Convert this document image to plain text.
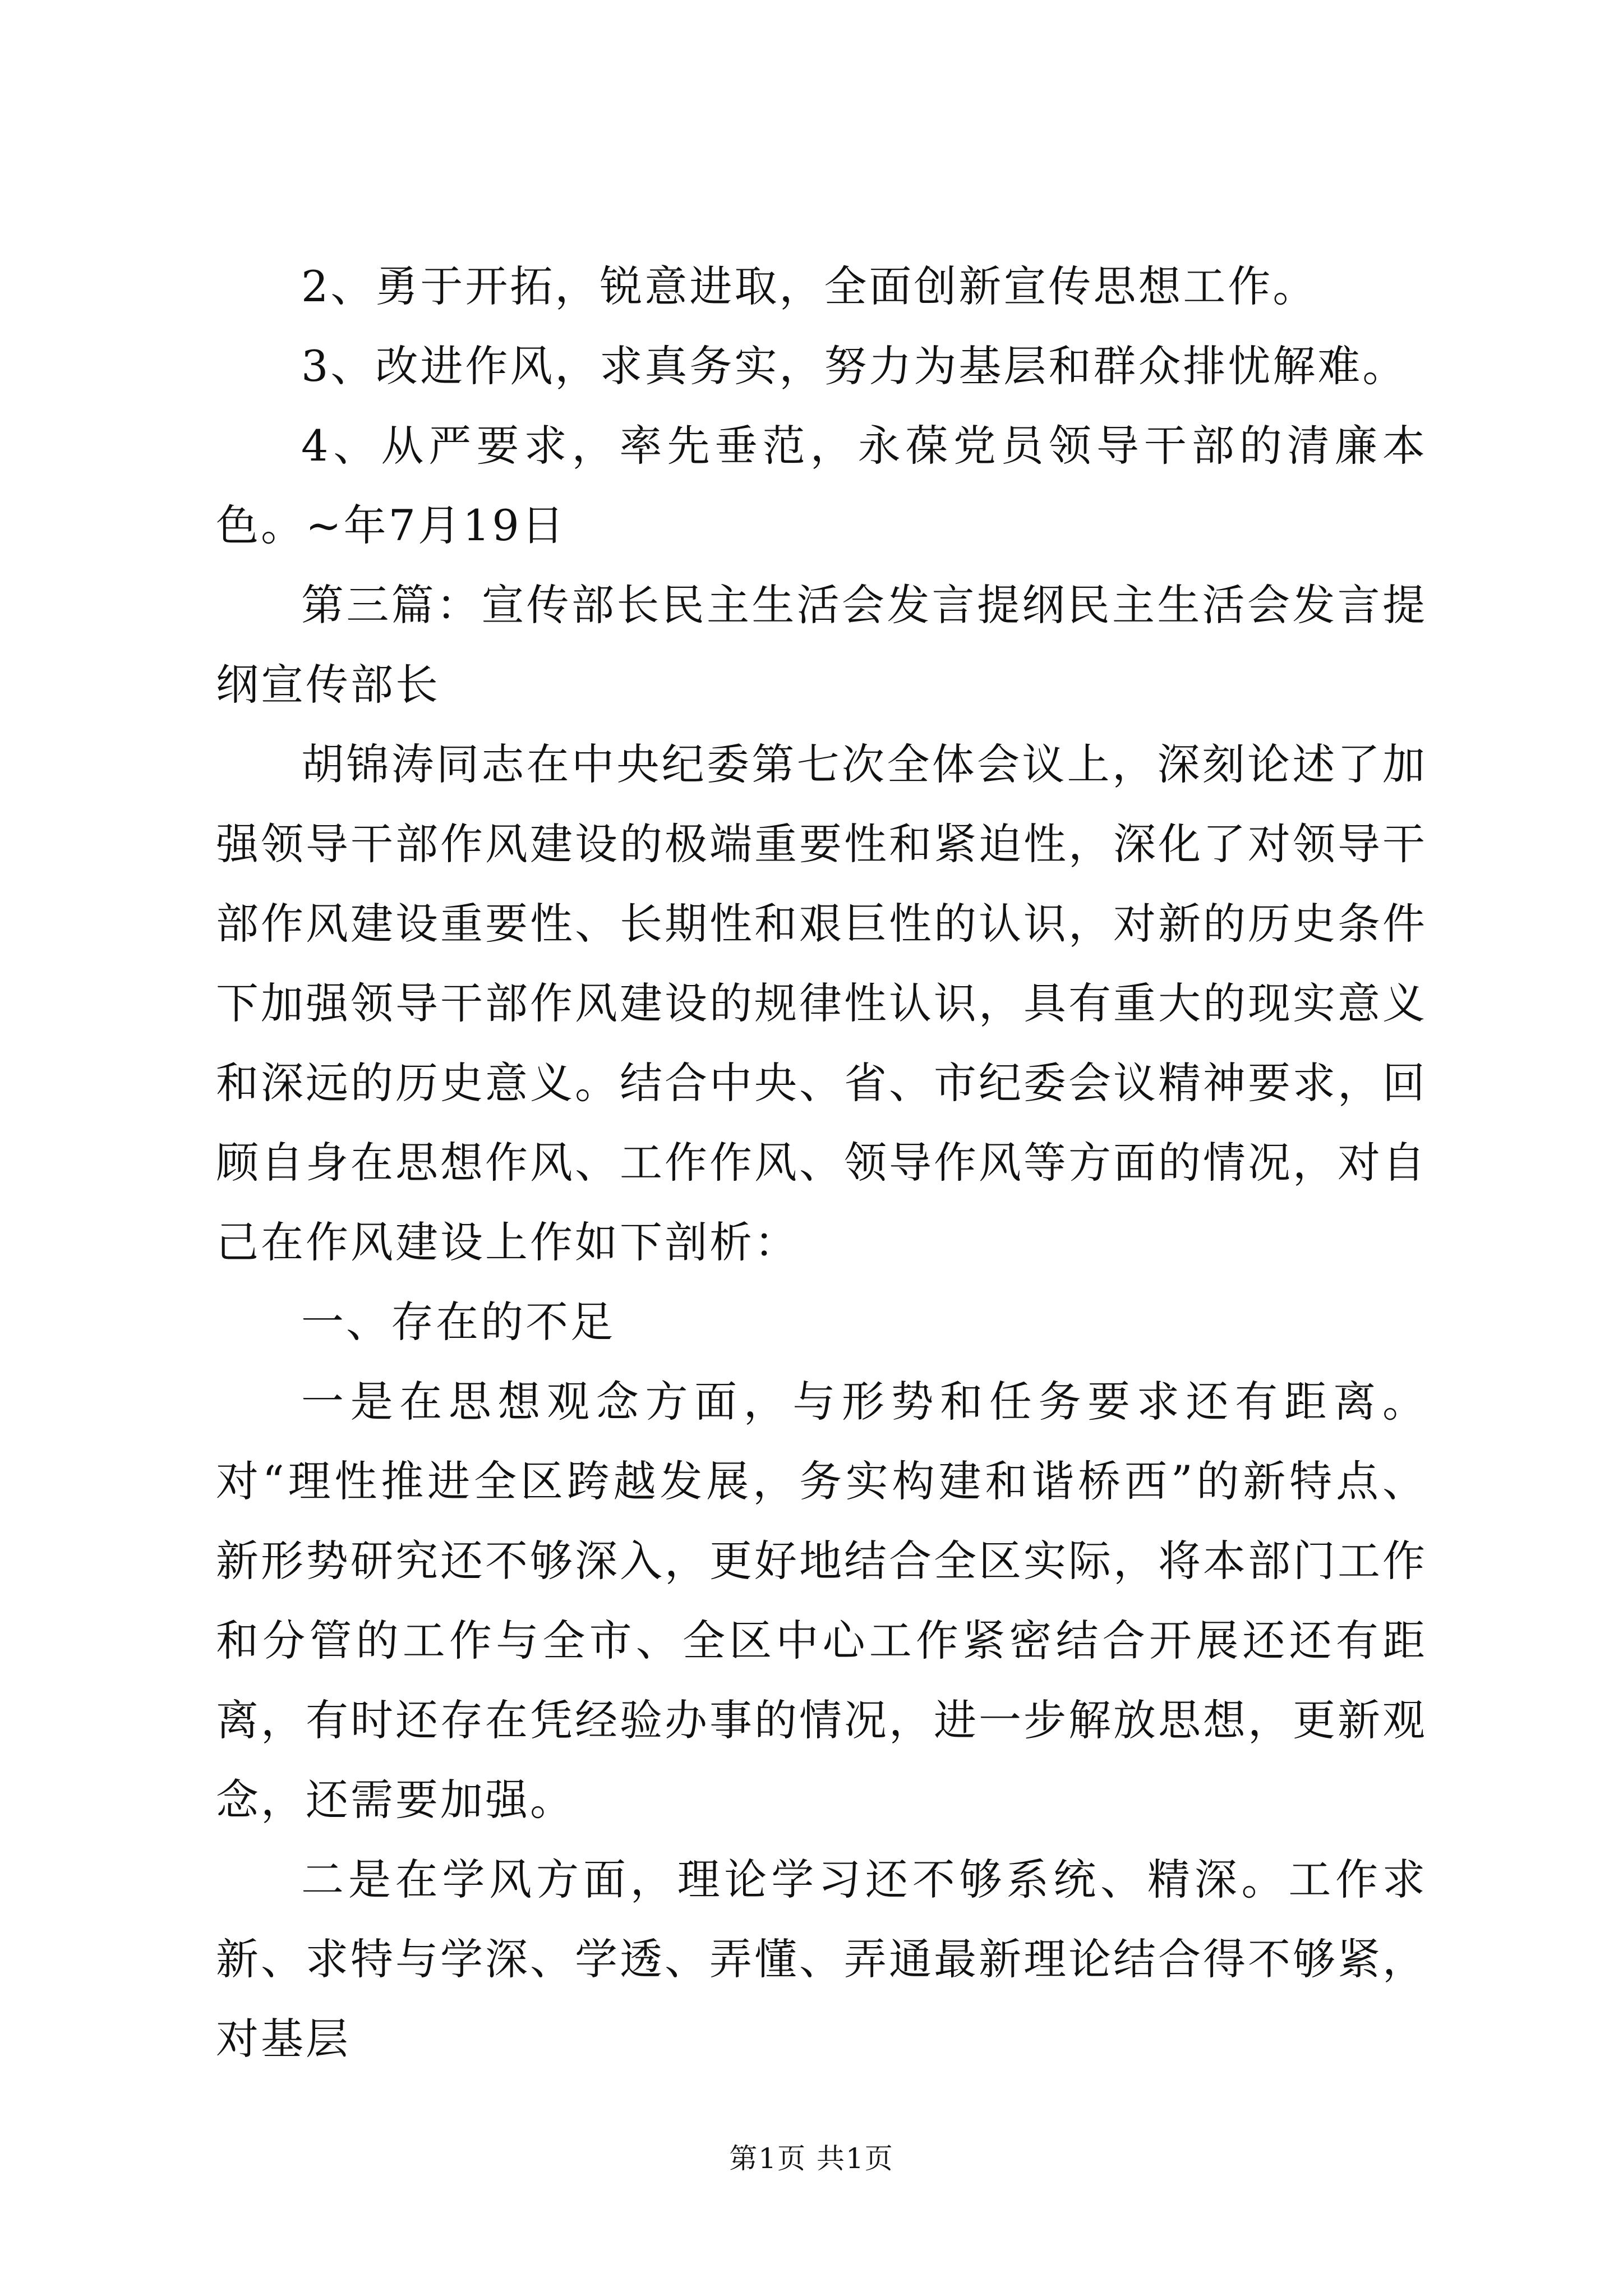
2、勇于开拓，锐意进取，全面创新宣传思想工作。

3、改进作风，求真务实，努力为基层和群众排忧解难。

4、从严要求，率先垂范，永葆党员领导干部的清廉本色。~年7月19日

第三篇：宣传部长民主生活会发言提纲民主生活会发言提纲宣传部长

胡锦涛同志在中央纪委第七次全体会议上，深刻论述了加强领导干部作风建设的极端重要性和紧迫性，深化了对领导干部作风建设重要性、长期性和艰巨性的认识，对新的历史条件下加强领导干部作风建设的规律性认识，具有重大的现实意义和深远的历史意义。结合中央、省、市纪委会议精神要求，回顾自身在思想作风、工作作风、领导作风等方面的情况，对自己在作风建设上作如下剖析：

一、存在的不足

一是在思想观念方面，与形势和任务要求还有距离。对“理性推进全区跨越发展，务实构建和谐桥西”的新特点、新形势研究还不够深入，更好地结合全区实际，将本部门工作和分管的工作与全市、全区中心工作紧密结合开展还还有距离，有时还存在凭经验办事的情况，进一步解放思想，更新观念，还需要加强。

二是在学风方面，理论学习还不够系统、精深。工作求新、求特与学深、学透、弄懂、弄通最新理论结合得不够紧，对基层

第1页 共1页
